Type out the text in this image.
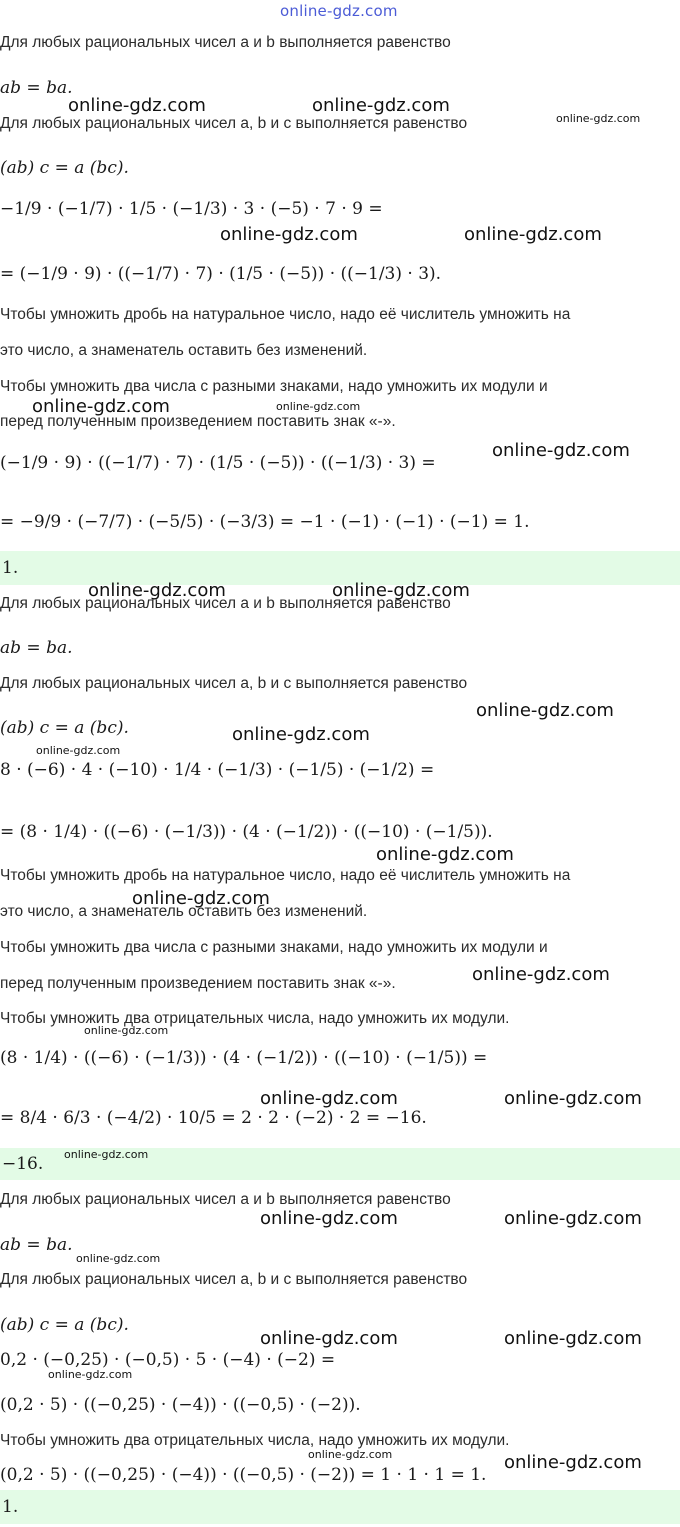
online-gdz.com
Для любых рациональных чисел a и b выполняется равенство
ab = ba.
Для любых рациональных чисел a, b и c выполняется равенство
(ab) c = a (bc).
−1/9 · (−1/7) · 1/5 · (−1/3) · 3 · (−5) · 7 · 9 =
= (−1/9 · 9) · ((−1/7) · 7) · (1/5 · (−5)) · ((−1/3) · 3).
Чтобы умножить дробь на натуральное число, надо её числитель умножить на
это число, а знаменатель оставить без изменений.
Чтобы умножить два числа с разными знаками, надо умножить их модули и
перед полученным произведением поставить знак «-».
(−1/9 · 9) · ((−1/7) · 7) · (1/5 · (−5)) · ((−1/3) · 3) =
= −9/9 · (−7/7) · (−5/5) · (−3/3) = −1 · (−1) · (−1) · (−1) = 1.
1.
Для любых рациональных чисел a и b выполняется равенство
ab = ba.
Для любых рациональных чисел a, b и c выполняется равенство
(ab) c = a (bc).
8 · (−6) · 4 · (−10) · 1/4 · (−1/3) · (−1/5) · (−1/2) =
= (8 · 1/4) · ((−6) · (−1/3)) · (4 · (−1/2)) · ((−10) · (−1/5)).
Чтобы умножить дробь на натуральное число, надо её числитель умножить на
это число, а знаменатель оставить без изменений.
Чтобы умножить два числа с разными знаками, надо умножить их модули и
перед полученным произведением поставить знак «-».
Чтобы умножить два отрицательных числа, надо умножить их модули.
(8 · 1/4) · ((−6) · (−1/3)) · (4 · (−1/2)) · ((−10) · (−1/5)) =
= 8/4 · 6/3 · (−4/2) · 10/5 = 2 · 2 · (−2) · 2 = −16.
−16.
Для любых рациональных чисел a и b выполняется равенство
ab = ba.
Для любых рациональных чисел a, b и c выполняется равенство
(ab) c = a (bc).
0,2 · (−0,25) · (−0,5) · 5 · (−4) · (−2) =
(0,2 · 5) · ((−0,25) · (−4)) · ((−0,5) · (−2)).
Чтобы умножить два отрицательных числа, надо умножить их модули.
(0,2 · 5) · ((−0,25) · (−4)) · ((−0,5) · (−2)) = 1 · 1 · 1 = 1.
1.
online-gdz.com	online-gdz.com
online-gdz.com
online-gdz.com	online-gdz.com
online-gdz.com	online-gdz.com
online-gdz.com
online-gdz.com	online-gdz.com
online-gdz.com
online-gdz.com
online-gdz.com
online-gdz.com
online-gdz.com
online-gdz.com
online-gdz.com
online-gdz.com	online-gdz.com
online-gdz.com
online-gdz.com	online-gdz.com
online-gdz.com
online-gdz.com	online-gdz.com
online-gdz.com
online-gdz.com	online-gdz.com
